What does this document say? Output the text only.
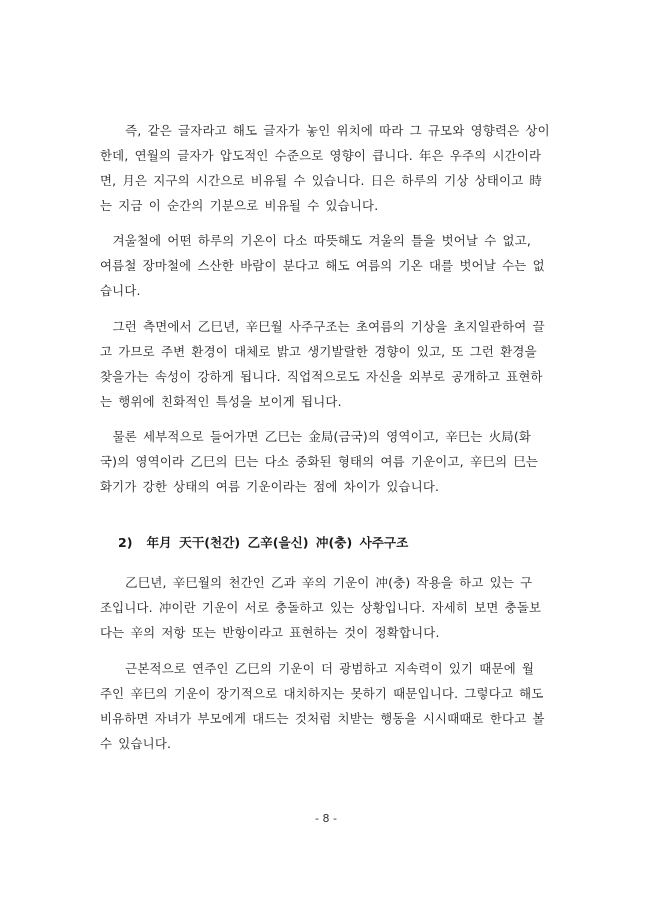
　　즉, 같은 글자라고 해도 글자가 놓인 위치에 따라 그 규모와 영향력은 상이
한데, 연월의 글자가 압도적인 수준으로 영향이 큽니다. 年은 우주의 시간이라
면, 月은 지구의 시간으로 비유될 수 있습니다. 日은 하루의 기상 상태이고 時
는 지금 이 순간의 기분으로 비유될 수 있습니다.
　겨울철에 어떤 하루의 기온이 다소 따뜻해도 겨울의 틀을 벗어날 수 없고,
여름철 장마철에 스산한 바람이 분다고 해도 여름의 기온 대를 벗어날 수는 없
습니다.
　그런 측면에서 乙巳년, 辛巳월 사주구조는 초여름의 기상을 초지일관하여 끌
고 가므로 주변 환경이 대체로 밝고 생기발랄한 경향이 있고, 또 그런 환경을
찾을가는 속성이 강하게 됩니다. 직업적으로도 자신을 외부로 공개하고 표현하
는 행위에 친화적인 특성을 보이게 됩니다.
　물론 세부적으로 들어가면 乙巳는 金局(금국)의 영역이고, 辛巳는 火局(화
국)의 영역이라 乙巳의 巳는 다소 중화된 형태의 여름 기운이고, 辛巳의 巳는
화기가 강한 상태의 여름 기운이라는 점에 차이가 있습니다.
2) 年月 天干(천간) 乙辛(을신) 冲(충) 사주구조
　　乙巳년, 辛巳월의 천간인 乙과 辛의 기운이 冲(충) 작용을 하고 있는 구
조입니다. 冲이란 기운이 서로 충돌하고 있는 상황입니다. 자세히 보면 충돌보
다는 辛의 저항 또는 반항이라고 표현하는 것이 정확합니다.
　　근본적으로 연주인 乙巳의 기운이 더 광범하고 지속력이 있기 때문에 월
주인 辛巳의 기운이 장기적으로 대치하지는 못하기 때문입니다. 그렇다고 해도
비유하면 자녀가 부모에게 대드는 것처럼 치받는 행동을 시시때때로 한다고 볼
수 있습니다.
- 8 -
